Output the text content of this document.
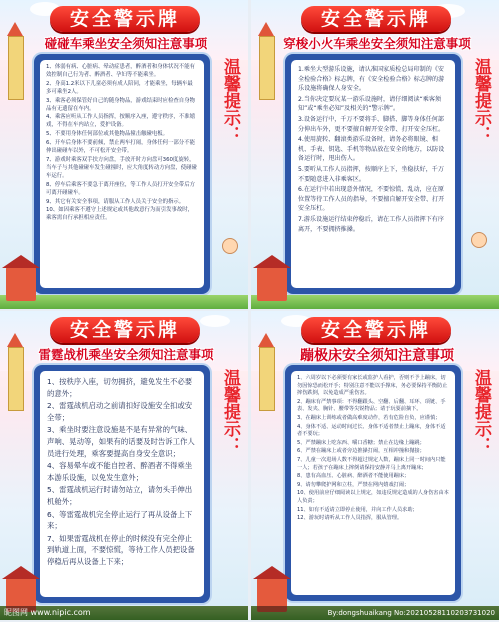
安全警示牌
碰碰车乘坐安全须知注意事项
温馨提示：

1、体弱有病、心脏病、晕动症患者，醉酒者和身体状况不能有效控制自己行为者、醉酒者、孕妇等不能乘坐。

2、身高1.2米以下儿童必须有成人陪同，才能乘坐，每辆车最多可乘坐2人。

3、乘客必须保管好自己的随身物品，游戏结束时应检查自身物品有无遗留在车内。

4、乘客应听从工作人员指挥，按顺序入座，遵守秩序，不准嬉戏，不得在车内站立，爱护设备。

5、不要用身体任何部位或其他物品撞击触碰电板。

6、开车后身体不要前倾，禁止两车打闹，身体任何一部分不能伸出碰碰车以外，不可松开安全带。

7、游戏时乘客双手扶方向盘，手放开时方向盘可360度旋转，当车子与其他碰碰车发生碰撞时，应大角度转动方向盘，使碰碰车运行。

8、停车后乘客不要急于离开座位，等工作人员打开安全带后方可离开碰碰车。

9、其它有关安全事项，请服从工作人员关于安全的指示。

10、如因乘客不遵守上述规定或其他故意行为而引发事故时，乘客需自行承担相应责任。

安全警示牌
穿梭小火车乘坐安全须知注意事项
温馨提示：

1.乘坐大型游乐设施，请认准国家质检总局印制的《安全检验合格》标志牌，有《安全检验合格》标志牌的游乐设施将确保人身安全。

2.当你决定要玩某一游乐设施时，请仔细阅读“乘客须知”或“乘坐必知”及相关的“警示牌”。

3.设备运行中，千万不要将手、脚搭、脚等身体任何部分伸出车外，更不要擅自解开安全带、打开安全压杠。

4.使用旋转、翻滚类游乐设备时，请务必将眼镜、相机、手表、钥匙、手机等物品放在安全的地方，以防设备运行时，甩出伤人。

5.要听从工作人员指挥，按顺序上下，坐稳扶好，千万不要随意进入非乘客区。

6.在运行中若出现意外情况，不要惊慌、乱动，应在原位置等待工作人员的指导，不要擅自解开安全带、打开安全压杠。

7.游乐设施运行结束停稳后，请在工作人员指挥下有序离开，不要拥挤推搡。

安全警示牌
雷霆战机乘坐安全须知注意事项
温馨提示：

1、按秩序入座，切勿拥挤，避免发生不必要的意外；

2、雷霆战机启动之前请扣好设施安全扣或安全带；

3、乘坐时要注意设施是不是有异常的气味、声响、晃动等，如果有的话要及时告诉工作人员进行处理，乘客要提高自身安全意识；

4、容易晕车或不能自控者、醉酒者不得乘坐本游乐设施，以免发生意外；

5、雷霆战机运行时请勿站立，请勿头手伸出机舱外；

6、等雷霆战机完全停止运行了再从设备上下来；

7、如果雷霆战机在停止的时候没有完全停止到轨道上面，不要惊慌，等待工作人员把设备停稳后再从设备上下来；

昵图网 www.nipic.com
安全警示牌
蹦极床安全须知注意事项
温馨提示：

1、六周岁以下必须要有家长或监护人看护，否则不予上蹦床，切勿因惊恐而松开手；特别注意不能以手撑床，务必要保持平衡防止摔伤跌倒，以免造成严重伤害。

2、蹦床有严禁事项：不得翻跟头、空翻、后翻、耳环、项链、手表、发夹、胸针、腰带等尖锐物品；请于玩耍前摘下。

3、在蹦床上训练或者做高难度动作，若有危险自负，应谨慎；

4、身体不适、运动时间过长、身体不适者禁止上蹦床，身体不适者不要玩；

5、严禁蹦床上吃东西、嚼口香糖；禁止在边缘上蹦跳；

6、严禁在蹦床上或者旁边推搡打闹，互相冲撞和抛接；

7、儿童一次进场人数不得超过规定人数，蹦床上同一时间内只能一人；若孩子在蹦床上摔倒请保持安静并马上离开蹦床；

8、患有高血压、心脏病、醉酒者不能使用蹦床；

9、请勿攀爬护网和立柱，严禁在网内嬉戏打闹；

10、使用前应仔细阅读以上规定，如违反规定造成的人身伤害由本人负责；

11、如有不适请立即停止使用，并向工作人员求助；

12、游玩时请听从工作人员指挥，服从管理。

By:dongshuaikang No:20210528110203731020
